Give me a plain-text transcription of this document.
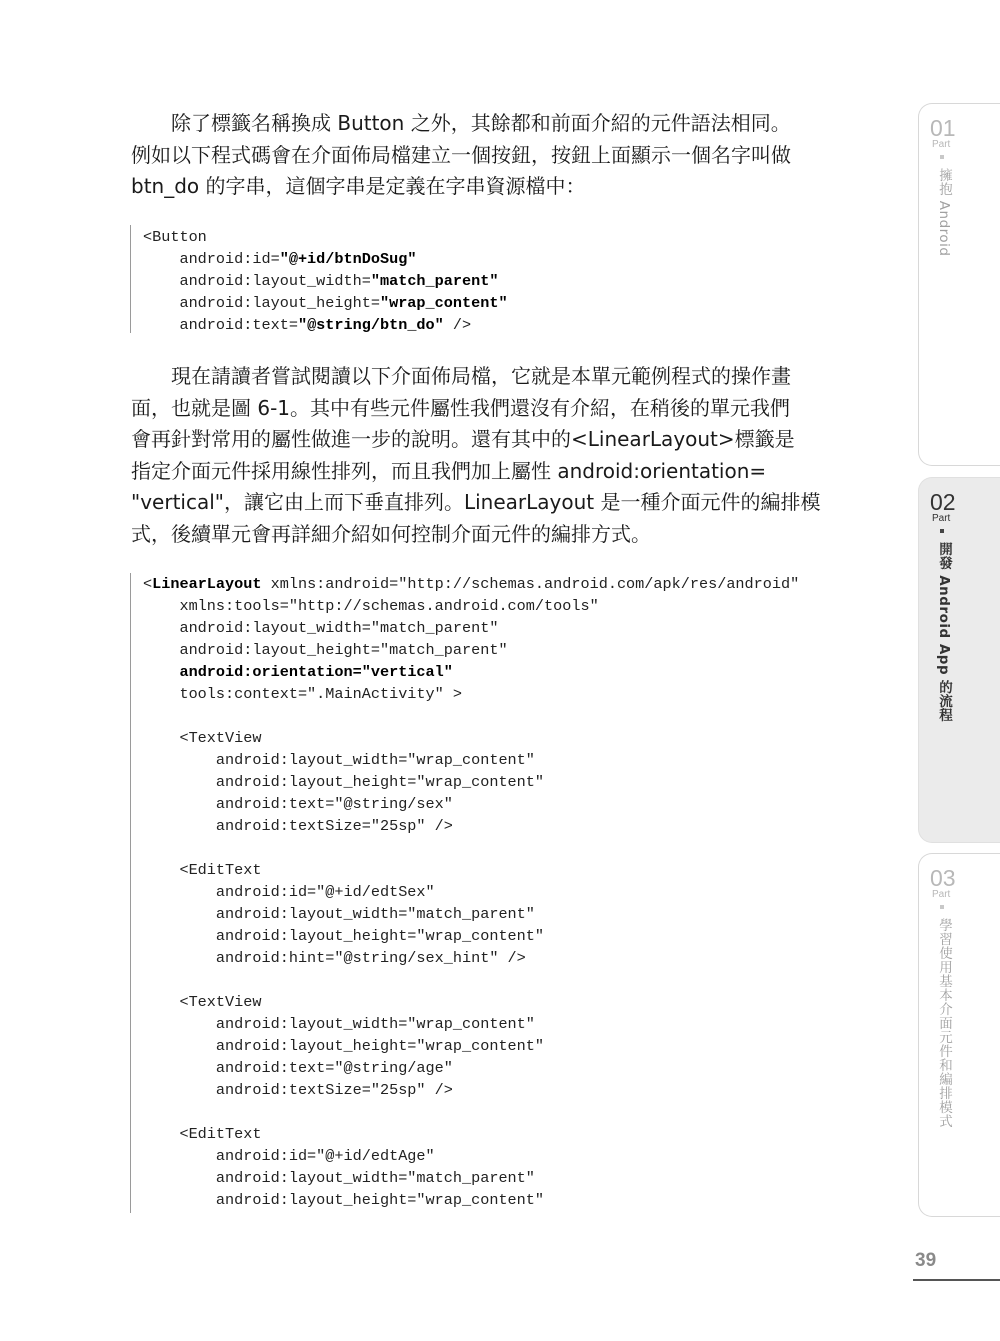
　　除了標籤名稱換成 Button 之外，其餘都和前面介紹的元件語法相同。
例如以下程式碼會在介面佈局檔建立一個按鈕，按鈕上面顯示一個名字叫做
btn_do 的字串，這個字串是定義在字串資源檔中：
<Button
android:id="@+id/btnDoSug"
android:layout_width="match_parent"
android:layout_height="wrap_content"
android:text="@string/btn_do" />
　　現在請讀者嘗試閱讀以下介面佈局檔，它就是本單元範例程式的操作畫
面，也就是圖 6-1。其中有些元件屬性我們還沒有介紹，在稍後的單元我們
會再針對常用的屬性做進一步的說明。還有其中的<LinearLayout>標籤是
指定介面元件採用線性排列，而且我們加上屬性 android:orientation=
"vertical"，讓它由上而下垂直排列。LinearLayout 是一種介面元件的編排模
式，後續單元會再詳細介紹如何控制介面元件的編排方式。
<LinearLayout xmlns:android="http://schemas.android.com/apk/res/android"
xmlns:tools="http://schemas.android.com/tools"
android:layout_width="match_parent"
android:layout_height="match_parent"
android:orientation="vertical"
tools:context=".MainActivity" >
<TextView
android:layout_width="wrap_content"
android:layout_height="wrap_content"
android:text="@string/sex"
android:textSize="25sp" />
<EditText
android:id="@+id/edtSex"
android:layout_width="match_parent"
android:layout_height="wrap_content"
android:hint="@string/sex_hint" />
<TextView
android:layout_width="wrap_content"
android:layout_height="wrap_content"
android:text="@string/age"
android:textSize="25sp" />
<EditText
android:id="@+id/edtAge"
android:layout_width="match_parent"
android:layout_height="wrap_content"
01
Part
擁抱 Android
02
Part
開發 Android App 的流程
03
Part
學習使用基本介面元件和編排模式
39
